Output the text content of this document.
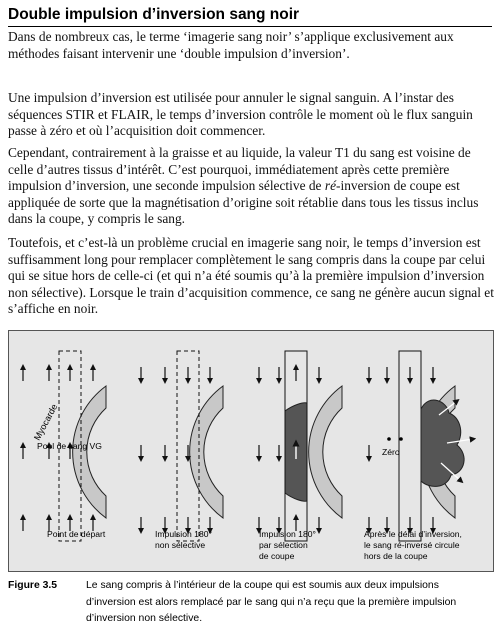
Double impulsion d’inversion sang noir

Dans de nombreux cas, le terme ‘imagerie sang noir’ s’applique exclusivement aux méthodes faisant intervenir une ‘double impulsion d’inversion’.

Une impulsion d’inversion est utilisée pour annuler le signal sanguin. A l’instar des séquences STIR et FLAIR, le temps d’inversion contrôle le moment où le flux sanguin passe à zéro et où l’acquisition doit commencer.

Cependant, contrairement à la graisse et au liquide, la valeur T1 du sang est voisine de celle d’autres tissus d’intérêt. C’est pourquoi, immédiatement après cette première impulsion d’inversion, une seconde impulsion sélective de ré-inversion de coupe est appliquée de sorte que la magnétisation d’origine soit rétablie dans tous les tissus inclus dans la coupe, y compris le sang.

Toutefois, et c’est-là un problème crucial en imagerie sang noir, le temps d’inversion est suffisamment long pour remplacer complètement le sang compris dans la coupe par celui qui se situe hors de celle-ci (et qui n’a été soumis qu’à la première impulsion d’inversion non sélective). Lorsque le train d’acquisition commence, ce sang ne génère aucun signal et s’affiche en noir.

Myocarde
Pool de sang VG
Zéro
Point de départ	Impulsion 180°
non sélective
Impulsion 180°
par sélection
de coupe
Après le délai d’inversion,
le sang ré-inversé circule
hors de la coupe
Figure 3.5	Le sang compris à l’intérieur de la coupe qui est soumis aux deux impulsions d’inversion est alors remplacé par le sang qui n’a reçu que la première impulsion d’inversion non sélective.
